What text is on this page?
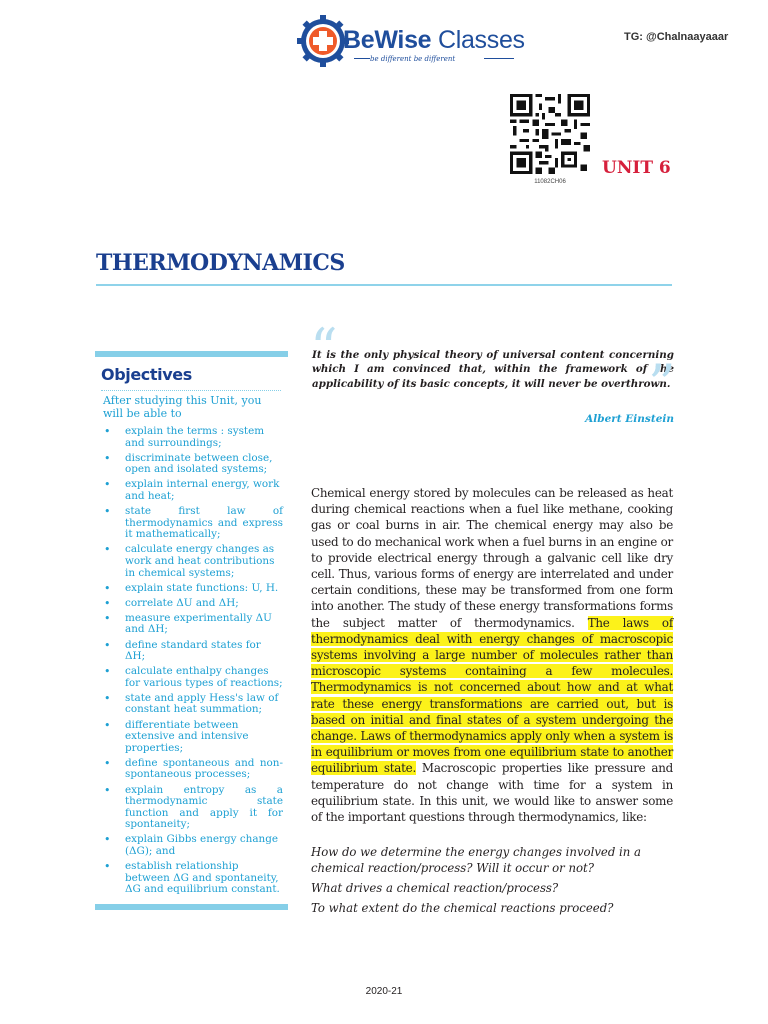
BeWise Classes
be different be different
TG: @Chalnaayaaar
11082CH06
UNIT 6
THERMODYNAMICS
Objectives
After studying this Unit, you will be able to
• explain the terms : system and surroundings;
• discriminate between close, open and isolated systems;
• explain internal energy, work and heat;
• state first law of thermodynamics and express it mathematically;
• calculate energy changes as work and heat contributions in chemical systems;
• explain state functions: U, H.
• correlate ΔU and ΔH;
• measure experimentally ΔU and ΔH;
• define standard states for ΔH;
• calculate enthalpy changes for various types of reactions;
• state and apply Hess's law of constant heat summation;
• differentiate between extensive and intensive properties;
• define spontaneous and non-spontaneous processes;
• explain entropy as a thermodynamic state function and apply it for spontaneity;
• explain Gibbs energy change (ΔG); and
• establish relationship between ΔG and spontaneity, ΔG and equilibrium constant.
“
It is the only physical theory of universal content concerning which I am convinced that, within the framework of the applicability of its basic concepts, it will never be overthrown.
”
Albert Einstein
Chemical energy stored by molecules can be released as heat during chemical reactions when a fuel like methane, cooking gas or coal burns in air. The chemical energy may also be used to do mechanical work when a fuel burns in an engine or to provide electrical energy through a galvanic cell like dry cell. Thus, various forms of energy are interrelated and under certain conditions, these may be transformed from one form into another. The study of these energy transformations forms the subject matter of thermodynamics. The laws of thermodynamics deal with energy changes of macroscopic systems involving a large number of molecules rather than microscopic systems containing a few molecules. Thermodynamics is not concerned about how and at what rate these energy transformations are carried out, but is based on initial and final states of a system undergoing the change. Laws of thermodynamics apply only when a system is in equilibrium or moves from one equilibrium state to another equilibrium state. Macroscopic properties like pressure and temperature do not change with time for a system in equilibrium state. In this unit, we would like to answer some of the important questions through thermodynamics, like:

How do we determine the energy changes involved in a chemical reaction/process? Will it occur or not?

What drives a chemical reaction/process?

To what extent do the chemical reactions proceed?

2020-21
